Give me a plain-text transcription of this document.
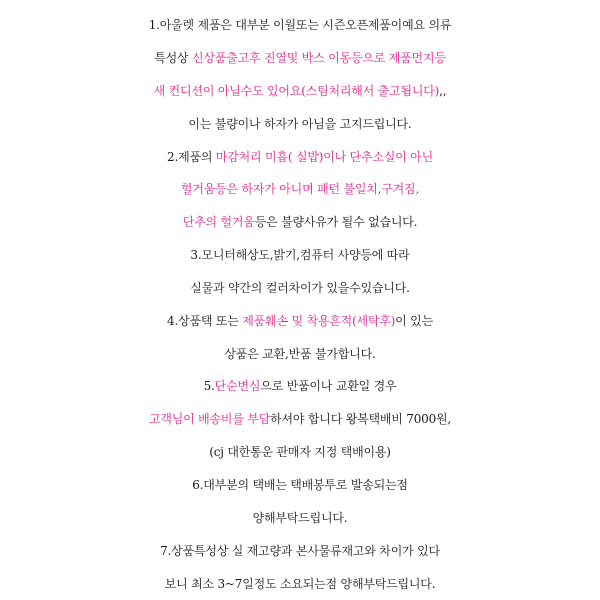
1.아울렛 제품은 대부분 이월또는 시즌오픈제품이예요 의류
특성상 신상품출고후 진열및 박스 이동등으로 제품먼지등
새 컨디션이 아닐수도 있어요(스팀처리해서 출고됩니다),,
이는 불량이나 하자가 아님을 고지드립니다.
2.제품의 마감처리 미흡( 실밥)이나 단추소실이 아닌
헐거움등은 하자가 아니며 패턴 불일치,구겨짐,
단추의 헐거움등은 불량사유가 될수 없습니다.
3.모니터해상도,밝기,컴퓨터 사양등에 따라
실물과 약간의 컬러차이가 있을수있습니다.
4.상품택 또는 제품훼손 및 착용흔적(세탁후)이 있는
상품은 교환,반품 불가합니다.
5.단순변심으로 반품이나 교환일 경우
고객님이 배송비를 부담하셔야 합니다 왕복택배비 7000원,
(cj 대한통운 판매자 지정 택배이용)
6.대부분의 택배는 택배봉투로 발송되는점
양해부탁드립니다.
7.상품특성상 실 재고량과 본사물류재고와 차이가 있다
보니 최소 3~7일정도 소요되는점 양해부탁드립니다.
